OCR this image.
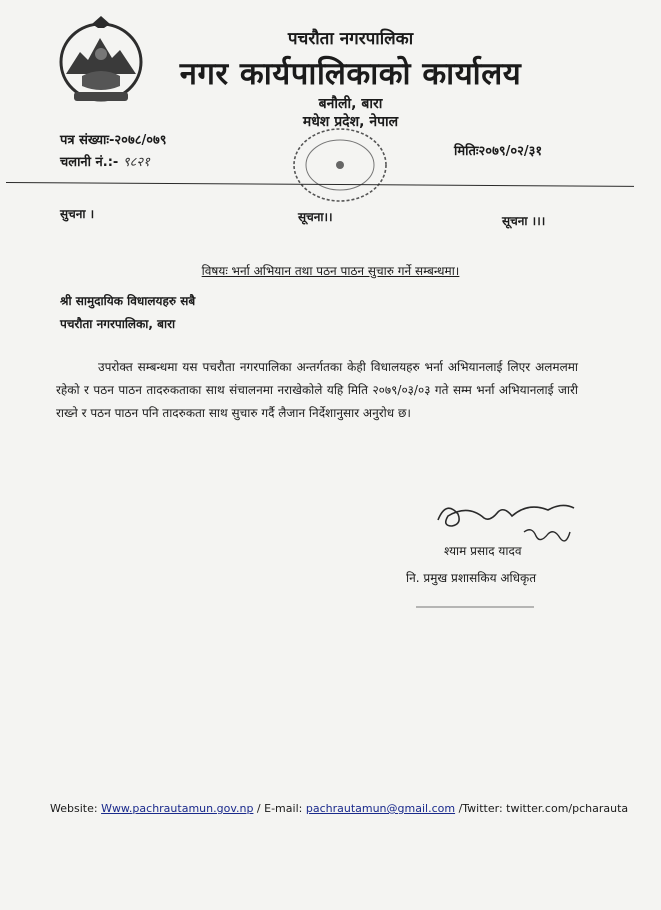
पचरौता नगरपालिका
नगर कार्यपालिकाको कार्यालय
बनौली, बारा
मधेश प्रदेश, नेपाल
पत्र संख्याः-२०७८/०७९
चलानी नं.:- ९८२१
मितिः२०७९/०२/३१
सुचना ।	सूचना।।	सूचना ।।।
विषयः भर्ना अभियान तथा पठन पाठन सुचारु गर्ने सम्बन्धमा।
श्री सामुदायिक विधालयहरु सबै
पचरौता नगरपालिका, बारा

उपरोक्त सम्बन्धमा यस पचरौता नगरपालिका अन्तर्गतका केही विधालयहरु भर्ना अभियानलाई लिएर अलमलमा रहेको र पठन पाठन तादरुकताका साथ संचालनमा नराखेकोले यहि मिति २०७९/०३/०३ गते सम्म भर्ना अभियानलाई जारी राख्ने र पठन पाठन पनि तादरुकता साथ सुचारु गर्दै लैजान निर्देशानुसार अनुरोध छ।

श्याम प्रसाद यादव
नि. प्रमुख प्रशासकिय अधिकृत
Website: Www.pachrautamun.gov.np / E-mail: pachrautamun@gmail.com /Twitter: twitter.com/pcharauta
